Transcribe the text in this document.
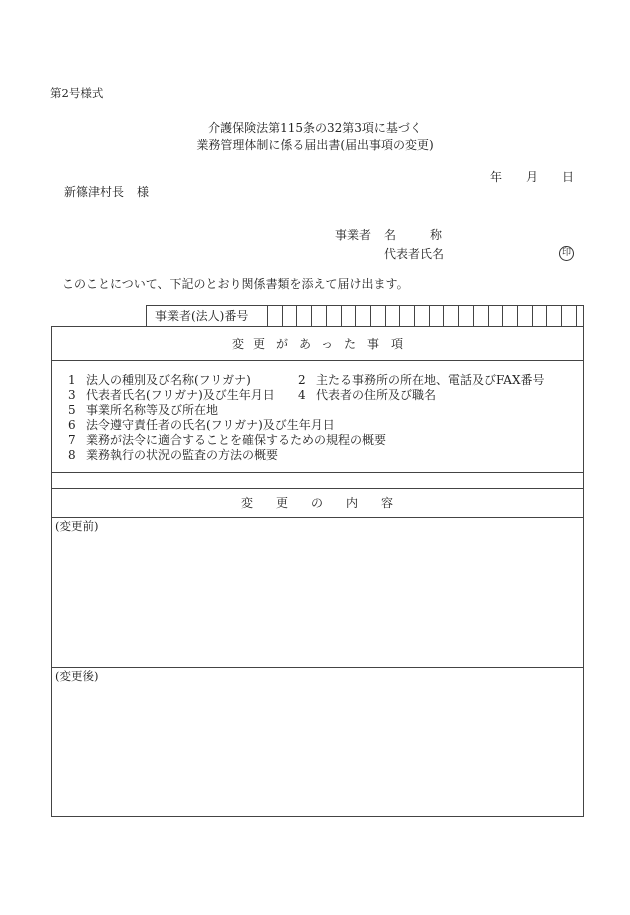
第2号様式
介護保険法第115条の32第3項に基づく
業務管理体制に係る届出書(届出事項の変更)
年 月 日
新篠津村長 様
事業者 名	称
代表者氏名	印
このことについて、下記のとおり関係書類を添えて届け出ます。
事業者(法人)番号
変 更 が あ っ た 事 項
1 法人の種別及び名称(フリガナ)	2 主たる事務所の所在地、電話及びFAX番号
3 代表者氏名(フリガナ)及び生年月日 4 代表者の住所及び職名
5 事業所名称等及び所在地
6 法令遵守責任者の氏名(フリガナ)及び生年月日
7 業務が法令に適合することを確保するための規程の概要
8 業務執行の状況の監査の方法の概要
変 更 の 内 容
(変更前)
(変更後)
